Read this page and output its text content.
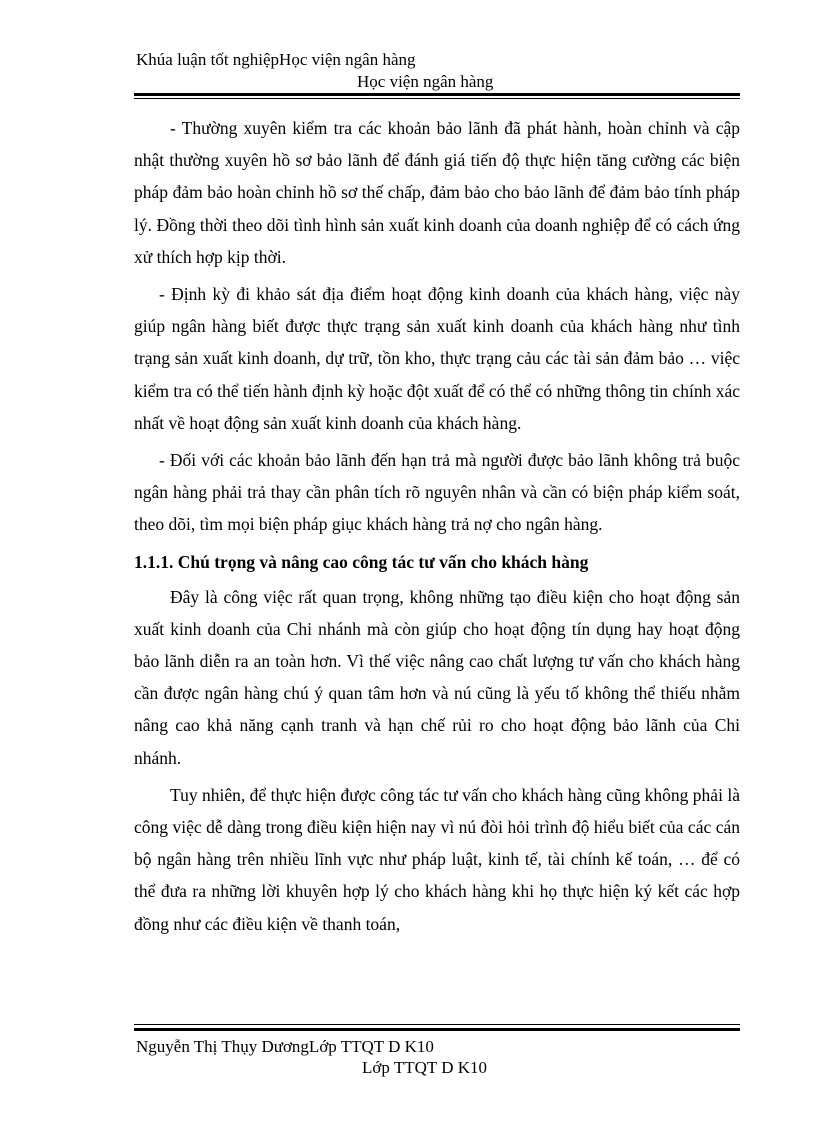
Khúa luận tốt nghiệpHọc viện ngân hàng
Học viện ngân hàng

- Thường xuyên kiểm tra các khoản bảo lãnh đã phát hành, hoàn chỉnh và cập nhật thường xuyên hồ sơ bảo lãnh để đánh giá tiến độ thực hiện tăng cường các biện pháp đảm bảo hoàn chỉnh hồ sơ thế chấp, đảm bảo cho bảo lãnh để đảm bảo tính pháp lý. Đồng thời theo dõi tình hình sản xuất kinh doanh của doanh nghiệp để có cách ứng xử thích hợp kịp thời.

- Định kỳ đi khảo sát địa điểm hoạt động kinh doanh của khách hàng, việc này giúp ngân hàng biết được thực trạng sản xuất kinh doanh của khách hàng như tình trạng sản xuất kinh doanh, dự trữ, tồn kho, thực trạng cảu các tài sản đảm bảo … việc kiểm tra có thể tiến hành định kỳ hoặc đột xuất để có thể có những thông tin chính xác nhất về hoạt động sản xuất kinh doanh của khách hàng.

- Đối với các khoản bảo lãnh đến hạn trả mà người được bảo lãnh không trả buộc ngân hàng phải trả thay cần phân tích rõ nguyên nhân và cần có biện pháp kiểm soát, theo dõi, tìm mọi biện pháp giục khách hàng trả nợ cho ngân hàng.

1.1.1. Chú trọng và nâng cao công tác tư vấn cho khách hàng

Đây là công việc rất quan trọng, không những tạo điều kiện cho hoạt động sản xuất kinh doanh của Chi nhánh mà còn giúp cho hoạt động tín dụng hay hoạt động bảo lãnh diễn ra an toàn hơn. Vì thế việc nâng cao chất lượng tư vấn cho khách hàng cần được ngân hàng chú ý quan tâm hơn và nú cũng là yếu tố không thể thiếu nhằm nâng cao khả năng cạnh tranh và hạn chế rủi ro cho hoạt động bảo lãnh của Chi nhánh.

Tuy nhiên, để thực hiện được công tác tư vấn cho khách hàng cũng không phải là công việc dễ dàng trong điều kiện hiện nay vì nú đòi hỏi trình độ hiểu biết của các cán bộ ngân hàng trên nhiều lĩnh vực như pháp luật, kinh tế, tài chính kế toán, … để có thể đưa ra những lời khuyên hợp lý cho khách hàng khi họ thực hiện ký kết các hợp đồng như các điều kiện về thanh toán,

Nguyễn Thị Thụy DươngLớp TTQT D K10
Lớp TTQT D K10
